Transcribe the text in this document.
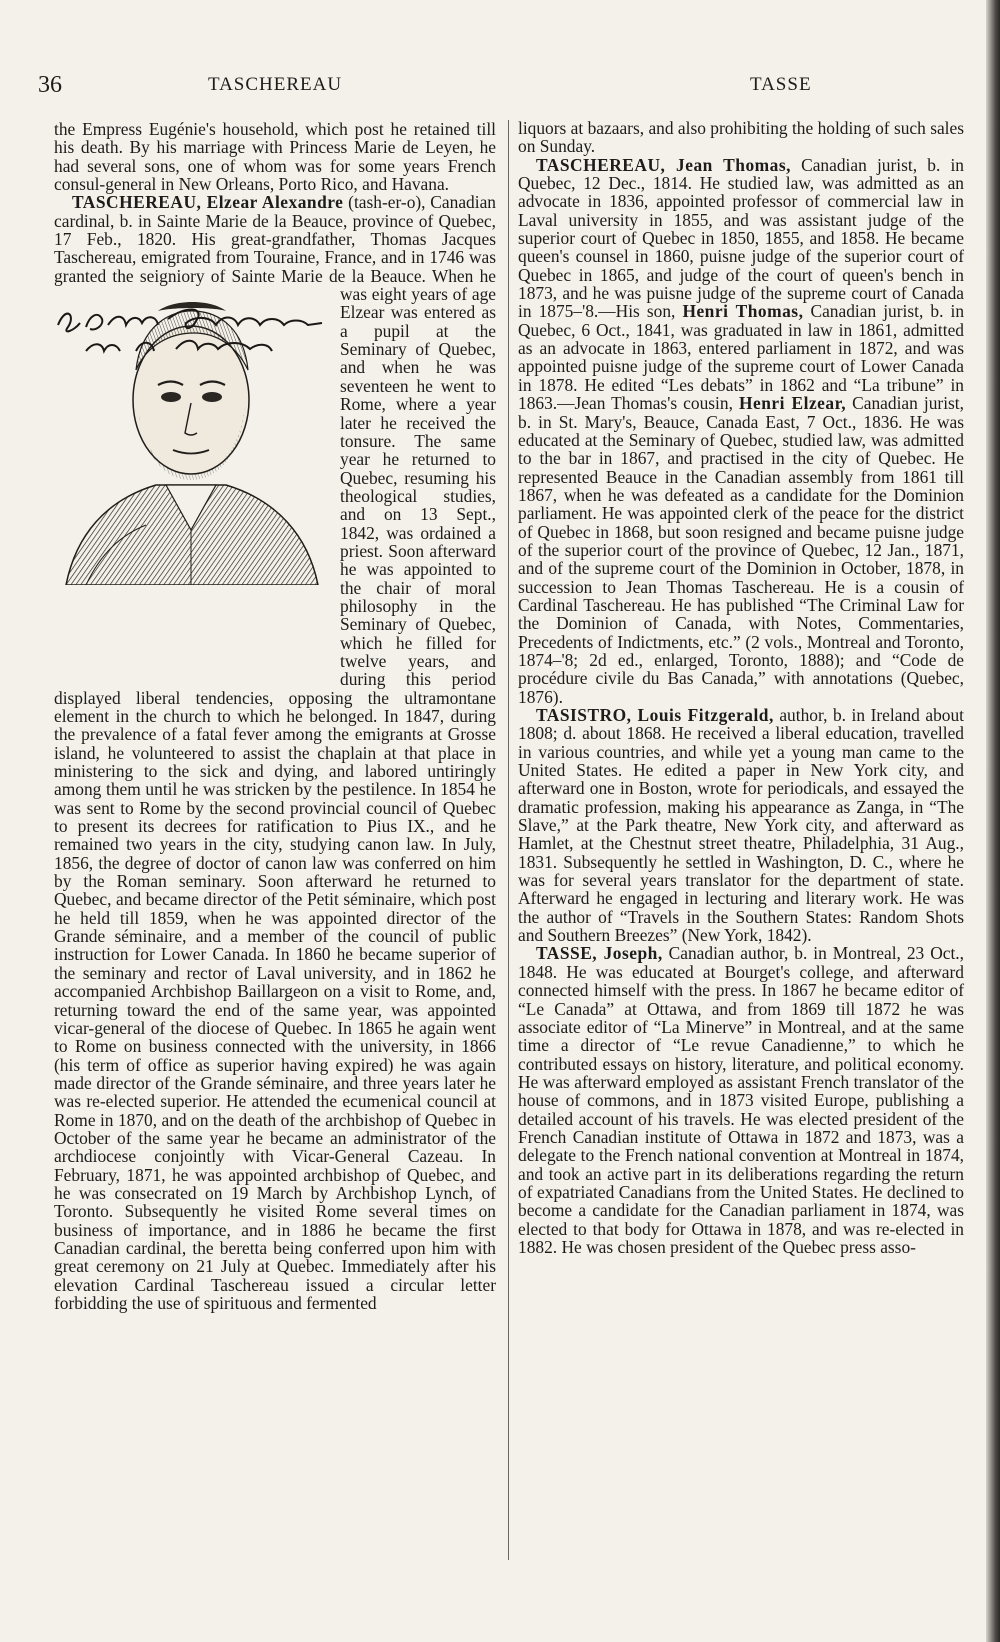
36	TASCHEREAU	TASSE

the Empress Eugénie's household, which post he retained till his death. By his marriage with Princess Marie de Leyen, he had several sons, one of whom was for some years French consul-general in New Orleans, Porto Rico, and Havana.

TASCHEREAU, Elzear Alexandre (tash-er-o), Canadian cardinal, b. in Sainte Marie de la Beauce, province of Quebec, 17 Feb., 1820. His great-grandfather, Thomas Jacques Taschereau, emigrated from Touraine, France, and in 1746 was granted the seigniory of Sainte Marie de la
Beauce. When he was eight years of age Elzear was entered as a pupil at the Seminary of Quebec, and when he was seventeen he went to Rome, where a year later he received the tonsure. The same year he returned to Quebec, resuming his theological studies, and on 13 Sept., 1842, was ordained a priest. Soon afterward he was appointed to the chair of moral philosophy in the Seminary of Quebec, which he filled for twelve years, and during this period displayed liberal tendencies, opposing the ultramontane element in the church to which he belonged. In 1847, during the prevalence of a fatal fever among the emigrants at Grosse island, he volunteered to assist the chaplain at that place in ministering to the sick and dying, and labored untiringly among them until he was stricken by the pestilence. In 1854 he was sent to Rome by the second provincial council of Quebec to present its decrees for ratification to Pius IX., and he remained two years in the city, studying canon law. In July, 1856, the degree of doctor of canon law was conferred on him by the Roman seminary. Soon afterward he returned to Quebec, and became director of the Petit séminaire, which post he held till 1859, when he was appointed director of the Grande séminaire, and a member of the council of public instruction for Lower Canada. In 1860 he became superior of the seminary and rector of Laval university, and in 1862 he accompanied Archbishop Baillargeon on a visit to Rome, and, returning toward the end of the same year, was appointed vicar-general of the diocese of Quebec. In 1865 he again went to Rome on business connected with the university, in 1866 (his term of office as superior having expired) he was again made director of the Grande séminaire, and three years later he was re-elected superior. He attended the ecumenical council at Rome in 1870, and on the death of the archbishop of Quebec in October of the same year he became an administrator of the archdiocese conjointly with Vicar-General Cazeau. In February, 1871, he was appointed archbishop of Quebec, and he was consecrated on 19 March by Archbishop Lynch, of Toronto. Subsequently he visited Rome several times on business of importance, and in 1886 he became the first Canadian cardinal, the beretta being conferred upon him with great ceremony on 21 July at Quebec. Immediately after his elevation Cardinal Taschereau issued a circular letter forbidding the use of spirituous and fermented

liquors at bazaars, and also prohibiting the holding of such sales on Sunday.

TASCHEREAU, Jean Thomas, Canadian jurist, b. in Quebec, 12 Dec., 1814. He studied law, was admitted as an advocate in 1836, appointed professor of commercial law in Laval university in 1855, and was assistant judge of the superior court of Quebec in 1850, 1855, and 1858. He became queen's counsel in 1860, puisne judge of the superior court of Quebec in 1865, and judge of the court of queen's bench in 1873, and he was puisne judge of the supreme court of Canada in 1875–'8.—His son, Henri Thomas, Canadian jurist, b. in Quebec, 6 Oct., 1841, was graduated in law in 1861, admitted as an advocate in 1863, entered parliament in 1872, and was appointed puisne judge of the supreme court of Lower Canada in 1878. He edited “Les debats” in 1862 and “La tribune” in 1863.—Jean Thomas's cousin, Henri Elzear, Canadian jurist, b. in St. Mary's, Beauce, Canada East, 7 Oct., 1836. He was educated at the Seminary of Quebec, studied law, was admitted to the bar in 1867, and practised in the city of Quebec. He represented Beauce in the Canadian assembly from 1861 till 1867, when he was defeated as a candidate for the Dominion parliament. He was appointed clerk of the peace for the district of Quebec in 1868, but soon resigned and became puisne judge of the superior court of the province of Quebec, 12 Jan., 1871, and of the supreme court of the Dominion in October, 1878, in succession to Jean Thomas Taschereau. He is a cousin of Cardinal Taschereau. He has published “The Criminal Law for the Dominion of Canada, with Notes, Commentaries, Precedents of Indictments, etc.” (2 vols., Montreal and Toronto, 1874–'8; 2d ed., enlarged, Toronto, 1888); and “Code de procédure civile du Bas Canada,” with annotations (Quebec, 1876).

TASISTRO, Louis Fitzgerald, author, b. in Ireland about 1808; d. about 1868. He received a liberal education, travelled in various countries, and while yet a young man came to the United States. He edited a paper in New York city, and afterward one in Boston, wrote for periodicals, and essayed the dramatic profession, making his appearance as Zanga, in “The Slave,” at the Park theatre, New York city, and afterward as Hamlet, at the Chestnut street theatre, Philadelphia, 31 Aug., 1831. Subsequently he settled in Washington, D. C., where he was for several years translator for the department of state. Afterward he engaged in lecturing and literary work. He was the author of “Travels in the Southern States: Random Shots and Southern Breezes” (New York, 1842).

TASSE, Joseph, Canadian author, b. in Montreal, 23 Oct., 1848. He was educated at Bourget's college, and afterward connected himself with the press. In 1867 he became editor of “Le Canada” at Ottawa, and from 1869 till 1872 he was associate editor of “La Minerve” in Montreal, and at the same time a director of “Le revue Canadienne,” to which he contributed essays on history, literature, and political economy. He was afterward employed as assistant French translator of the house of commons, and in 1873 visited Europe, publishing a detailed account of his travels. He was elected president of the French Canadian institute of Ottawa in 1872 and 1873, was a delegate to the French national convention at Montreal in 1874, and took an active part in its deliberations regarding the return of expatriated Canadians from the United States. He declined to become a candidate for the Canadian parliament in 1874, was elected to that body for Ottawa in 1878, and was re-elected in 1882. He was chosen president of the Quebec press asso-
